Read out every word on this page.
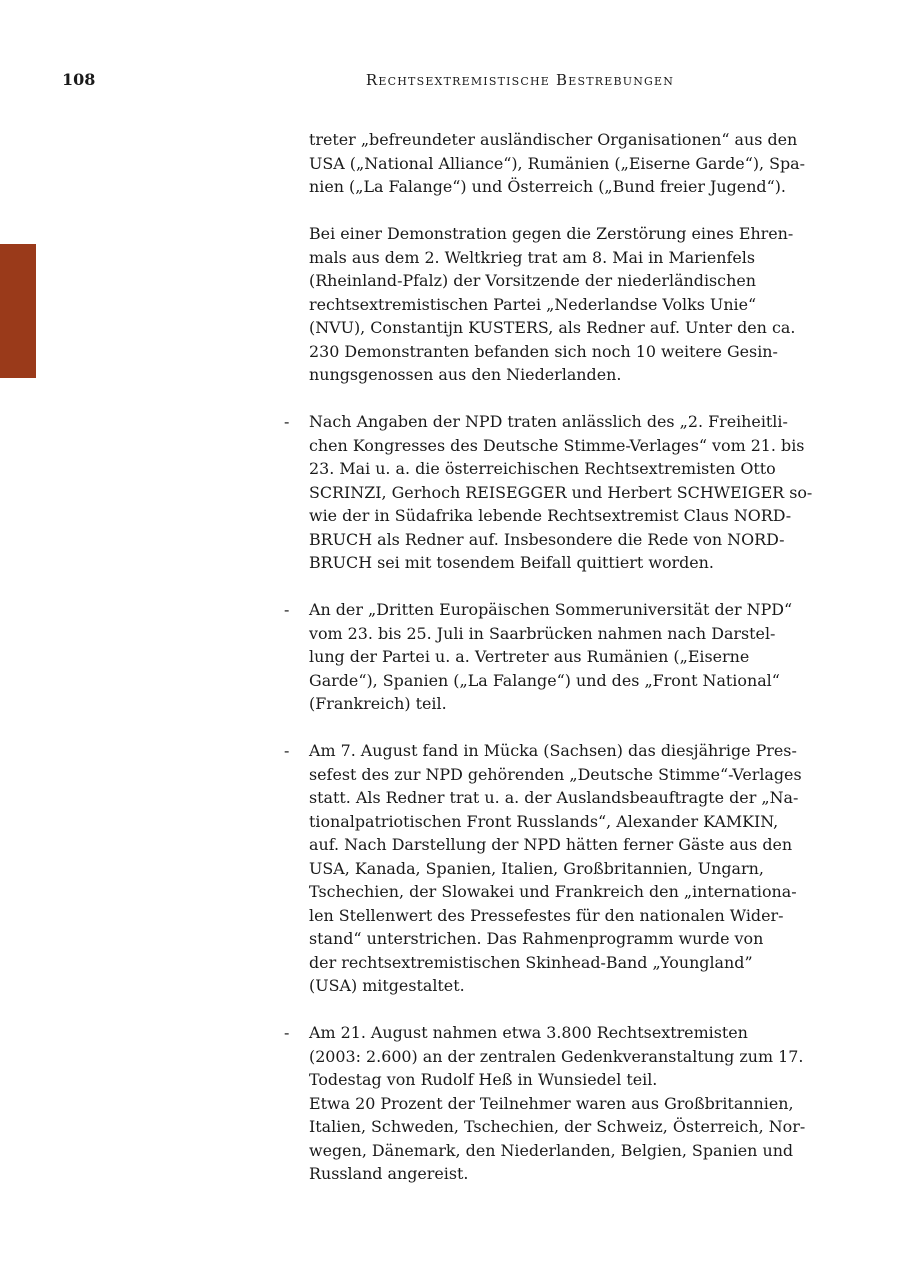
108	Rechtsextremistische Bestrebungen
treter „befreundeter ausländischer Organisationen“ aus den
USA („National Alliance“), Rumänien („Eiserne Garde“), Spa-
nien („La Falange“) und Österreich („Bund freier Jugend“).
Bei einer Demonstration gegen die Zerstörung eines Ehren-
mals aus dem 2. Weltkrieg trat am 8. Mai in Marienfels
(Rheinland-Pfalz) der Vorsitzende der niederländischen
rechtsextremistischen Partei „Nederlandse Volks Unie“
(NVU), Constantijn KUSTERS, als Redner auf. Unter den ca.
230 Demonstranten befanden sich noch 10 weitere Gesin-
nungsgenossen aus den Niederlanden.
- Nach Angaben der NPD traten anlässlich des „2. Freiheitli-
chen Kongresses des Deutsche Stimme-Verlages“ vom 21. bis
23. Mai u. a. die österreichischen Rechtsextremisten Otto
SCRINZI, Gerhoch REISEGGER und Herbert SCHWEIGER so-
wie der in Südafrika lebende Rechtsextremist Claus NORD-
BRUCH als Redner auf. Insbesondere die Rede von NORD-
BRUCH sei mit tosendem Beifall quittiert worden.
- An der „Dritten Europäischen Sommeruniversität der NPD“
vom 23. bis 25. Juli in Saarbrücken nahmen nach Darstel-
lung der Partei u. a. Vertreter aus Rumänien („Eiserne
Garde“), Spanien („La Falange“) und des „Front National“
(Frankreich) teil.
- Am 7. August fand in Mücka (Sachsen) das diesjährige Pres-
sefest des zur NPD gehörenden „Deutsche Stimme“-Verlages
statt. Als Redner trat u. a. der Auslandsbeauftragte der „Na-
tionalpatriotischen Front Russlands“, Alexander KAMKIN,
auf. Nach Darstellung der NPD hätten ferner Gäste aus den
USA, Kanada, Spanien, Italien, Großbritannien, Ungarn,
Tschechien, der Slowakei und Frankreich den „internationa-
len Stellenwert des Pressefestes für den nationalen Wider-
stand“ unterstrichen. Das Rahmenprogramm wurde von
der rechtsextremistischen Skinhead-Band „Youngland”
(USA) mitgestaltet.
- Am 21. August nahmen etwa 3.800 Rechtsextremisten
(2003: 2.600) an der zentralen Gedenkveranstaltung zum 17.
Todestag von Rudolf Heß in Wunsiedel teil.
Etwa 20 Prozent der Teilnehmer waren aus Großbritannien,
Italien, Schweden, Tschechien, der Schweiz, Österreich, Nor-
wegen, Dänemark, den Niederlanden, Belgien, Spanien und
Russland angereist.
